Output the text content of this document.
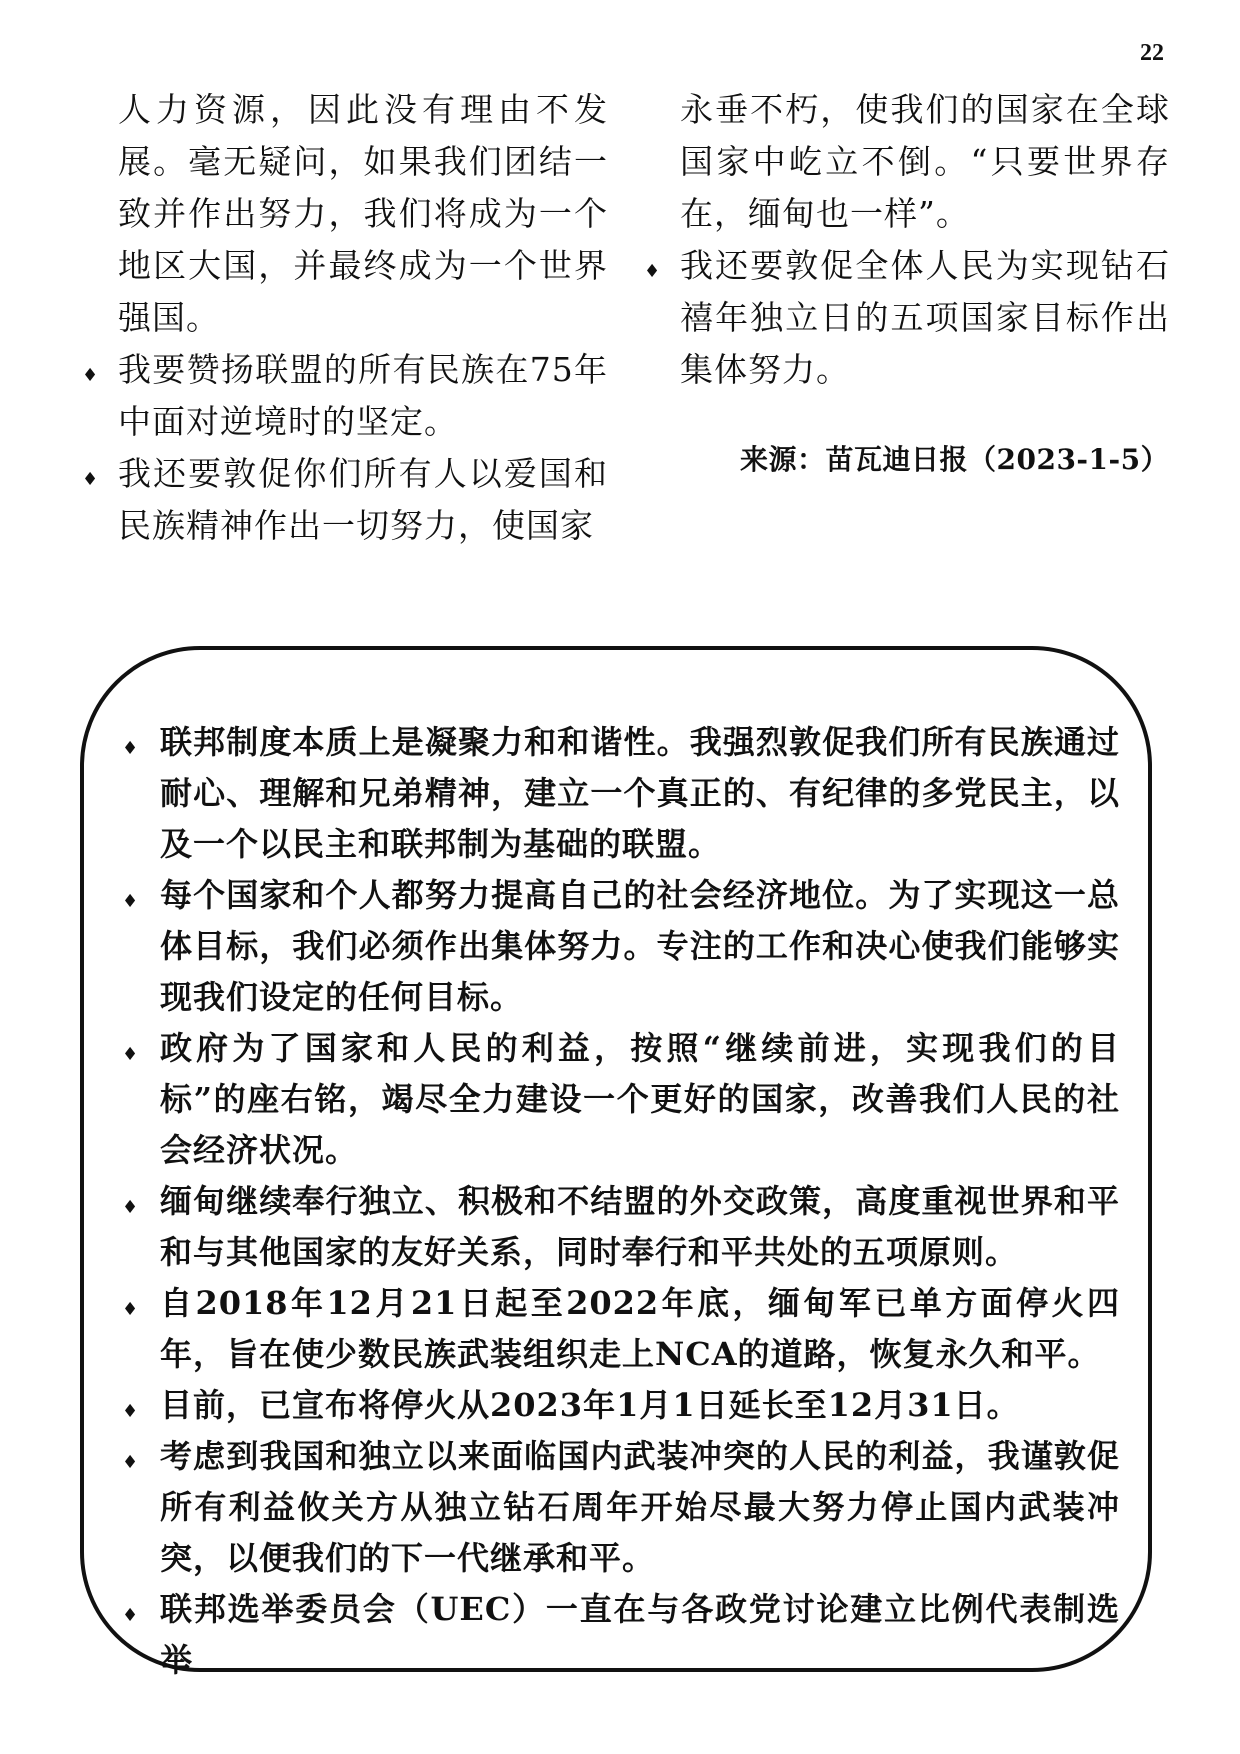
22
人力资源，因此没有理由不发展。毫无疑问，如果我们团结一致并作出努力，我们将成为一个地区大国，并最终成为一个世界强国。
♦ 我要赞扬联盟的所有民族在75年中面对逆境时的坚定。
♦ 我还要敦促你们所有人以爱国和民族精神作出一切努力，使国家
永垂不朽，使我们的国家在全球国家中屹立不倒。“只要世界存在，缅甸也一样”。
♦ 我还要敦促全体人民为实现钻石禧年独立日的五项国家目标作出集体努力。
来源：苗瓦迪日报（2023-1-5）
♦ 联邦制度本质上是凝聚力和和谐性。我强烈敦促我们所有民族通过耐心、理解和兄弟精神，建立一个真正的、有纪律的多党民主，以及一个以民主和联邦制为基础的联盟。
♦ 每个国家和个人都努力提高自己的社会经济地位。为了实现这一总体目标，我们必须作出集体努力。专注的工作和决心使我们能够实现我们设定的任何目标。
♦ 政府为了国家和人民的利益，按照“继续前进，实现我们的目标”的座右铭，竭尽全力建设一个更好的国家，改善我们人民的社会经济状况。
♦ 缅甸继续奉行独立、积极和不结盟的外交政策，高度重视世界和平和与其他国家的友好关系，同时奉行和平共处的五项原则。
♦ 自2018年12月21日起至2022年底，缅甸军已单方面停火四年，旨在使少数民族武装组织走上NCA的道路，恢复永久和平。
♦ 目前，已宣布将停火从2023年1月1日延长至12月31日。
♦ 考虑到我国和独立以来面临国内武装冲突的人民的利益，我谨敦促所有利益攸关方从独立钻石周年开始尽最大努力停止国内武装冲突，以便我们的下一代继承和平。
♦ 联邦选举委员会（UEC）一直在与各政党讨论建立比例代表制选举
